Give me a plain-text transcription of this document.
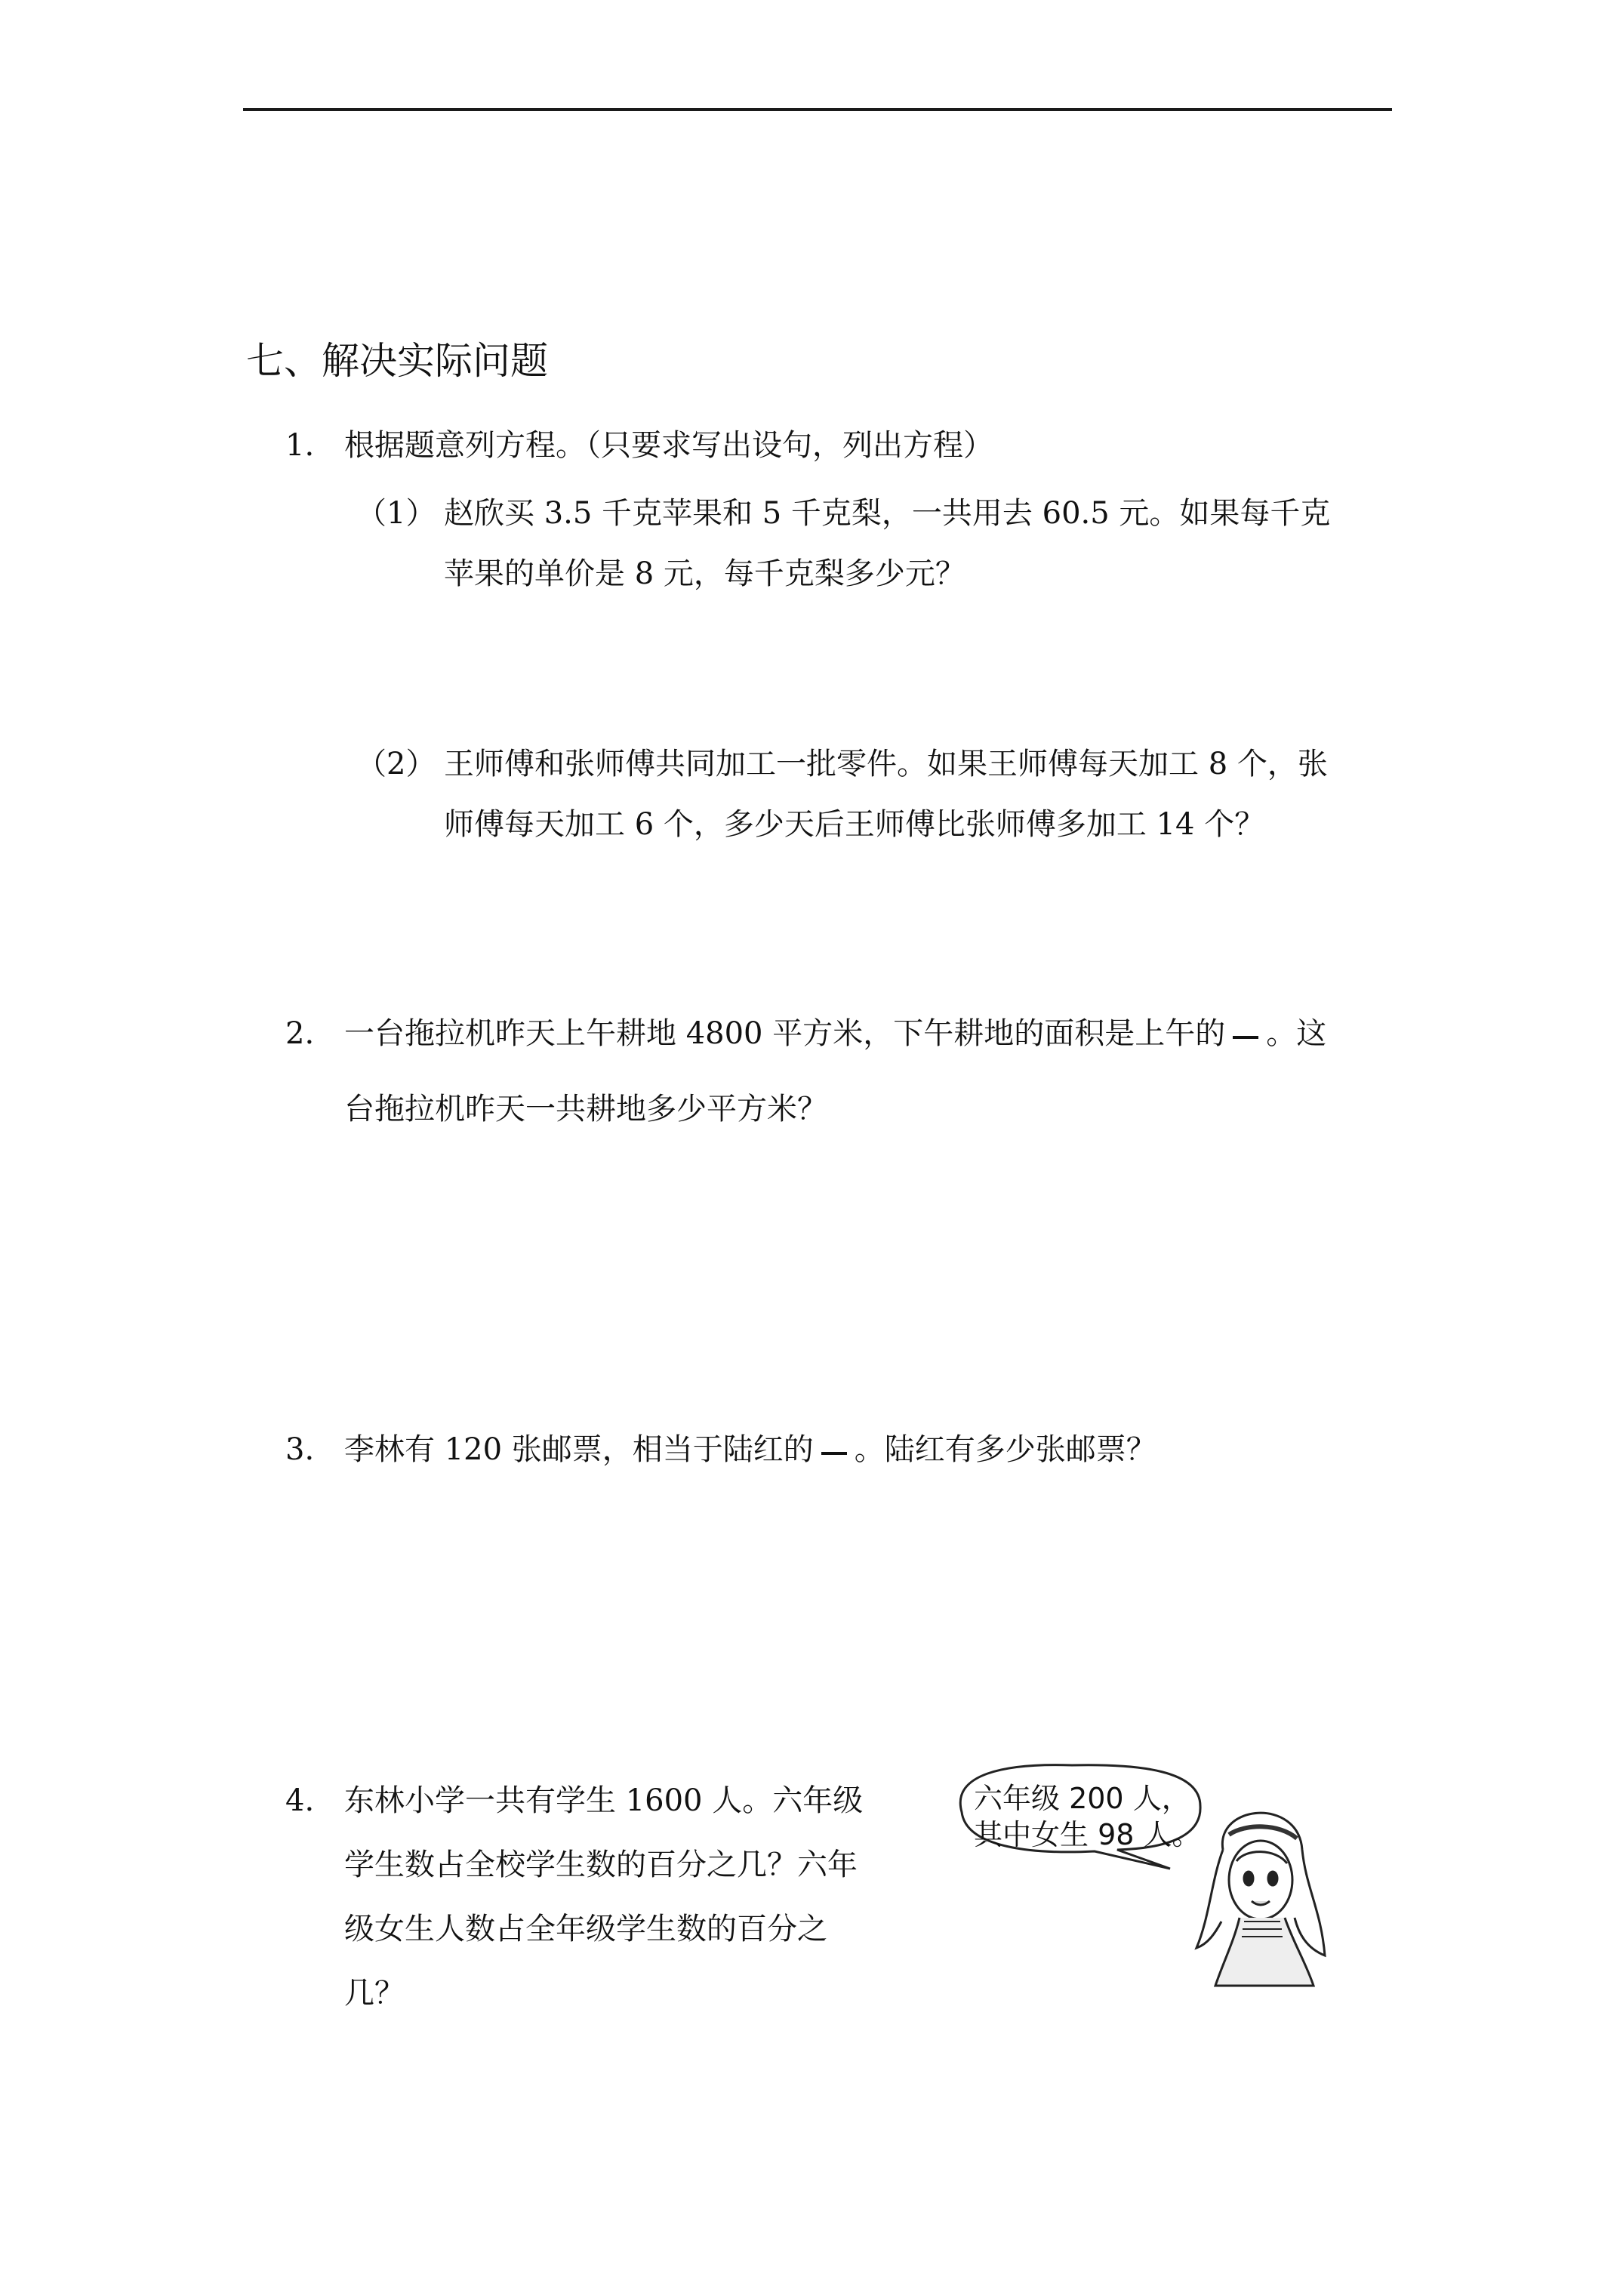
七、解决实际问题
1. 根据题意列方程。（只要求写出设句，列出方程）
（1） 赵欣买 3.5 千克苹果和 5 千克梨，一共用去 60.5 元。如果每千克
苹果的单价是 8 元，每千克梨多少元？
（2） 王师傅和张师傅共同加工一批零件。如果王师傅每天加工 8 个，张
师傅每天加工 6 个，多少天后王师傅比张师傅多加工 14 个？
2. 一台拖拉机昨天上午耕地 4800 平方米，下午耕地的面积是上午的 。这
台拖拉机昨天一共耕地多少平方米？
3. 李林有 120 张邮票，相当于陆红的 。陆红有多少张邮票？
4. 东林小学一共有学生 1600 人。六年级
学生数占全校学生数的百分之几？六年
级女生人数占全年级学生数的百分之
几？
六年级 200 人，
其中女生 98 人。
